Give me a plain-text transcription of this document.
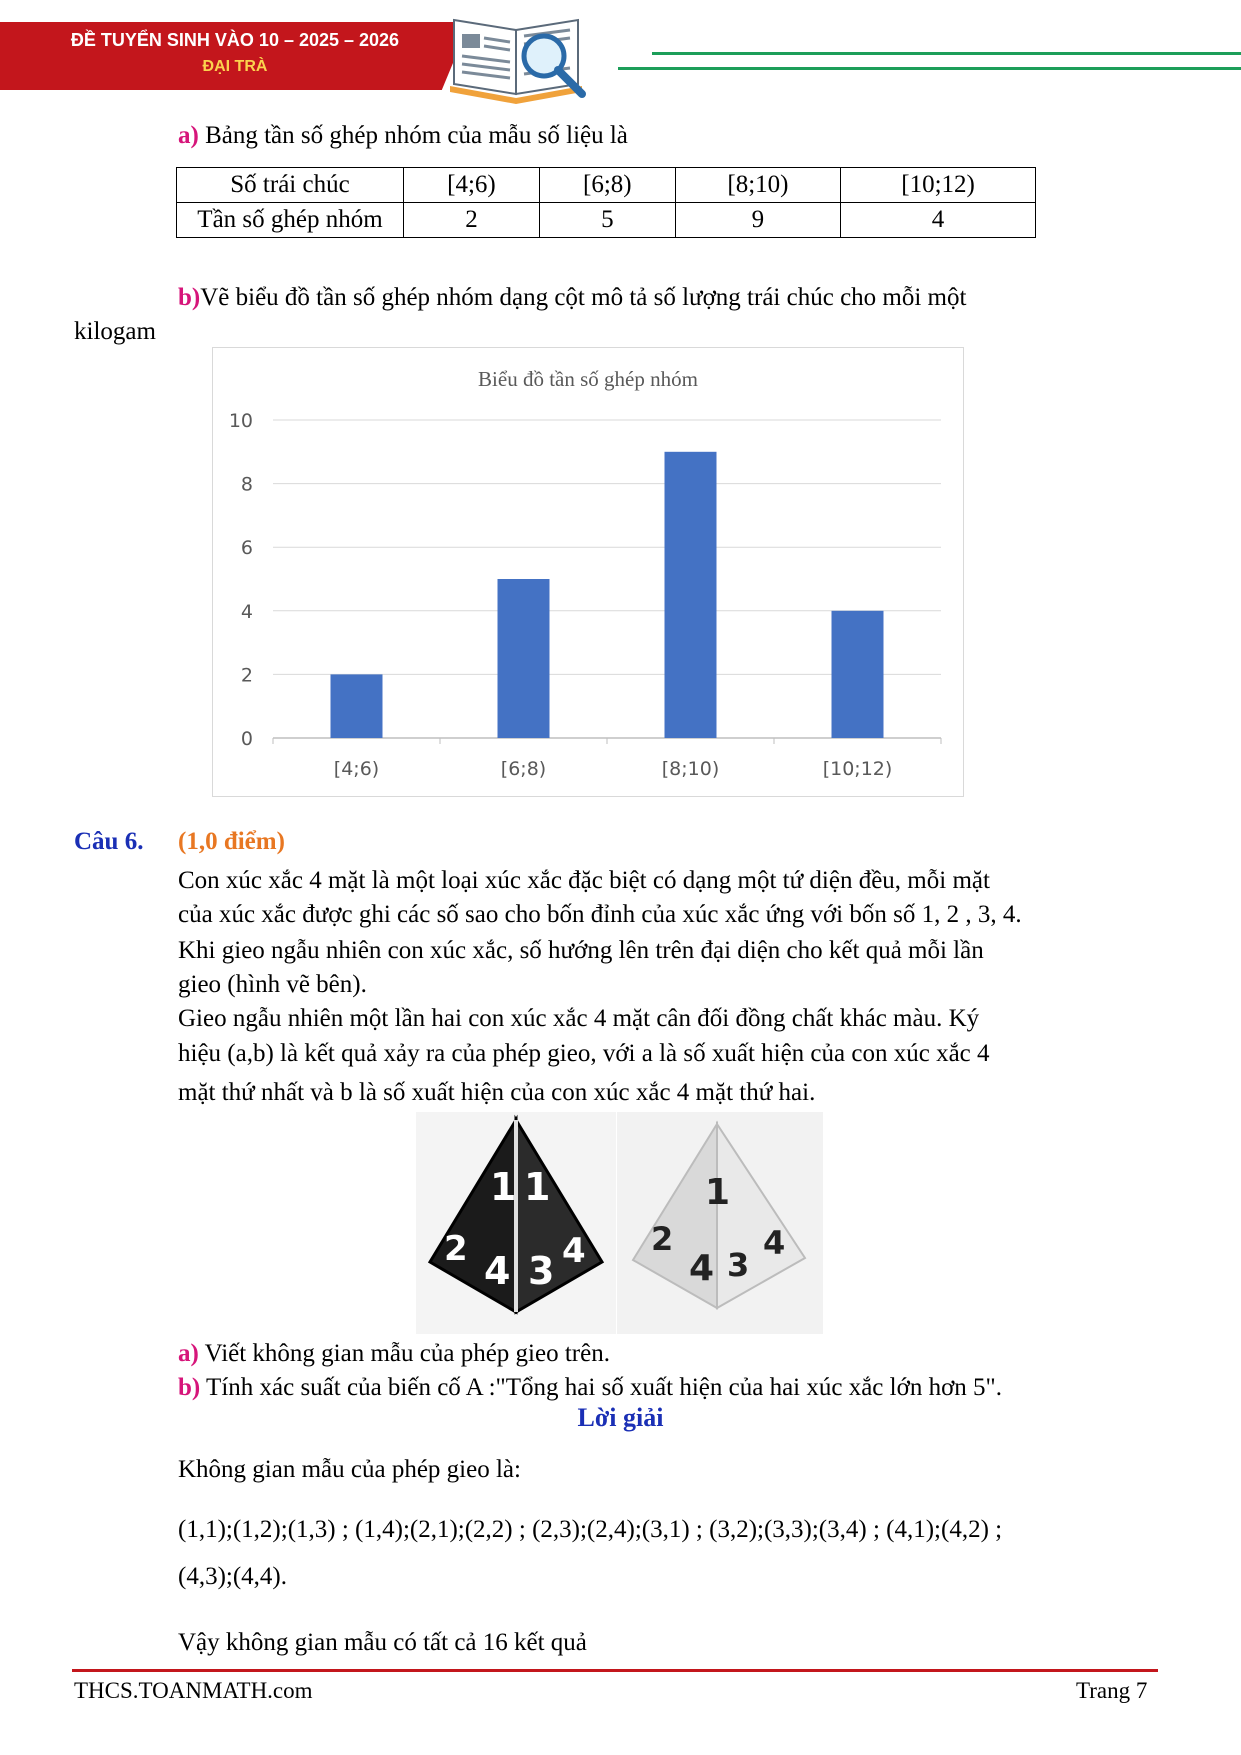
ĐỀ TUYỂN SINH VÀO 10 – 2025 – 2026
ĐẠI TRÀ
a) Bảng tần số ghép nhóm của mẫu số liệu là
Số trái chúc	[4;6)	[6;8)	[8;10)	[10;12)
Tần số ghép nhóm	2	5	9	4
b)Vẽ biểu đồ tần số ghép nhóm dạng cột mô tả số lượng trái chúc cho mỗi một
kilogam
Biểu đồ tần số ghép nhóm
0
2
4
6
8
10
[4;6)	[6;8)	[8;10)	[10;12)
Câu 6. (1,0 điểm)
Con xúc xắc 4 mặt là một loại xúc xắc đặc biệt có dạng một tứ diện đều, mỗi mặt
của xúc xắc được ghi các số sao cho bốn đỉnh của xúc xắc ứng với bốn số 1, 2 , 3, 4.
Khi gieo ngẫu nhiên con xúc xắc, số hướng lên trên đại diện cho kết quả mỗi lần
gieo (hình vẽ bên).
Gieo ngẫu nhiên một lần hai con xúc xắc 4 mặt cân đối đồng chất khác màu. Ký
hiệu (a,b) là kết quả xảy ra của phép gieo, với a là số xuất hiện của con xúc xắc 4
mặt thứ nhất và b là số xuất hiện của con xúc xắc 4 mặt thứ hai.
1 1
2 4 3 4
1
2
4 3
4
a) Viết không gian mẫu của phép gieo trên.
b) Tính xác suất của biến cố A :"Tổng hai số xuất hiện của hai xúc xắc lớn hơn 5".
Lời giải
Không gian mẫu của phép gieo là:
(1,1);(1,2);(1,3) ; (1,4);(2,1);(2,2) ; (2,3);(2,4);(3,1) ; (3,2);(3,3);(3,4) ; (4,1);(4,2) ;
(4,3);(4,4).
Vậy không gian mẫu có tất cả 16 kết quả
THCS.TOANMATH.com	Trang 7
